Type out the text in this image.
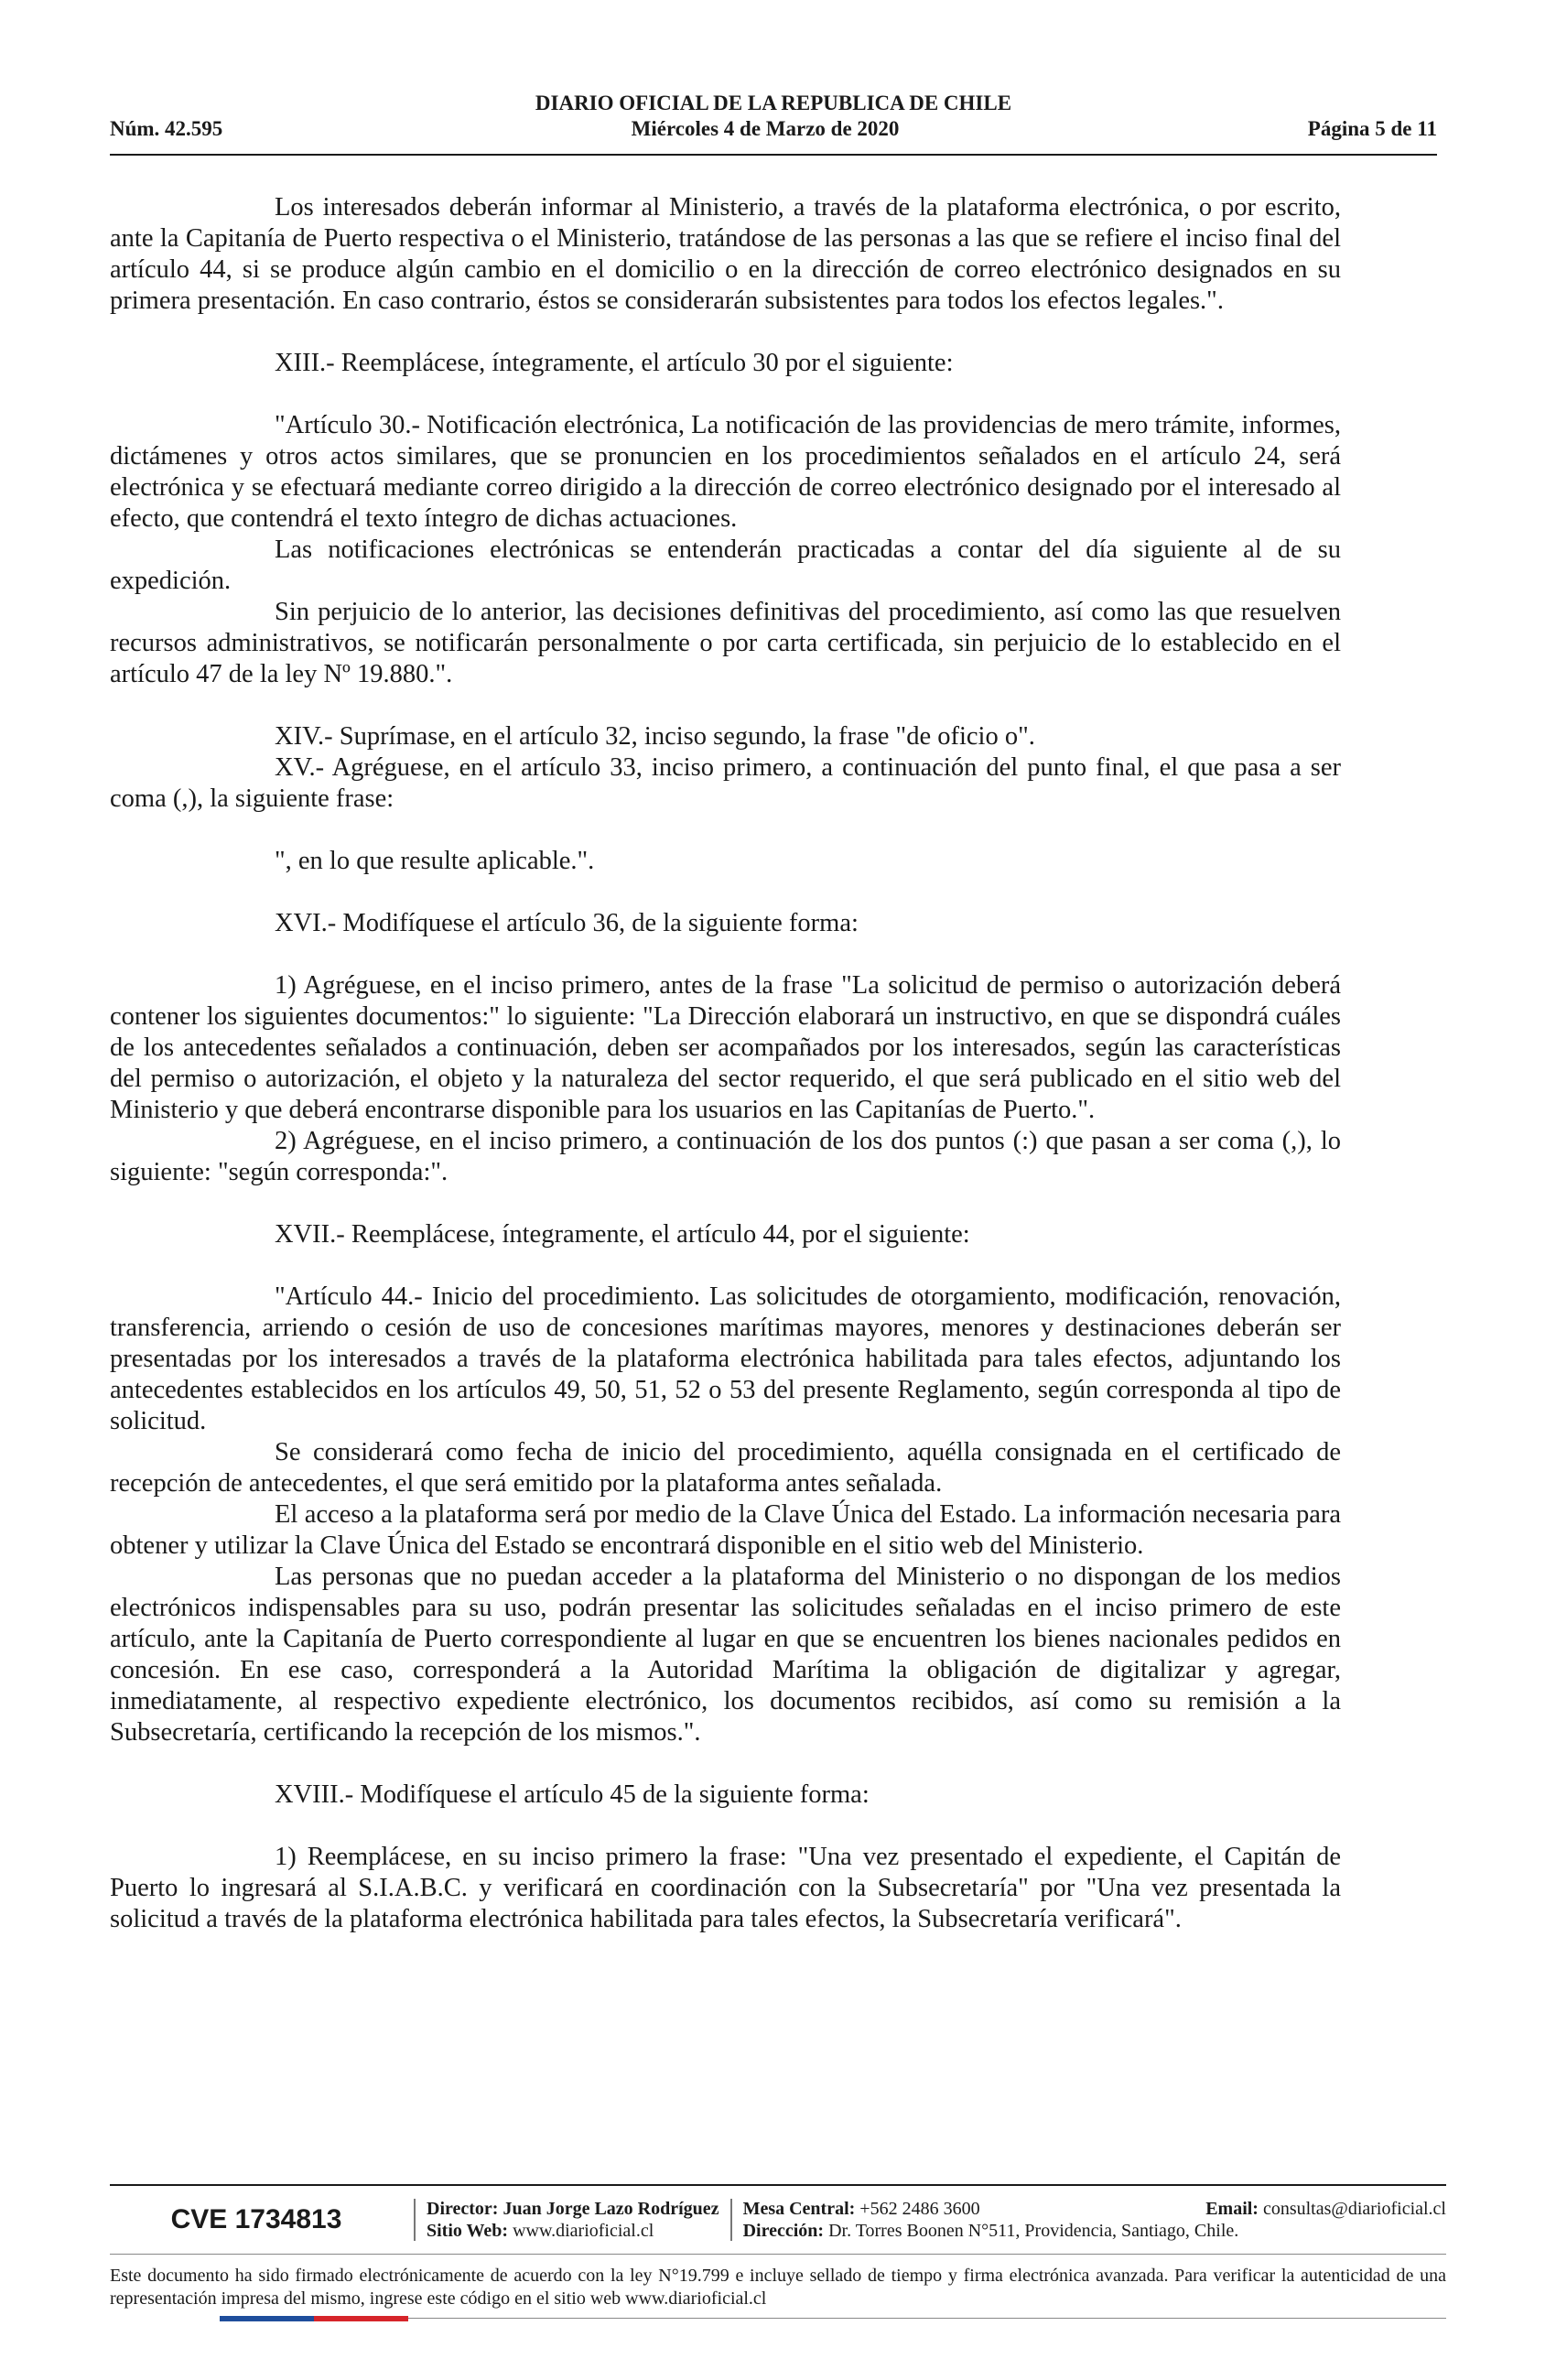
DIARIO OFICIAL DE LA REPUBLICA DE CHILE
Núm. 42.595	Miércoles 4 de Marzo de 2020	Página 5 de 11

Los interesados deberán informar al Ministerio, a través de la plataforma electrónica, o por escrito, ante la Capitanía de Puerto respectiva o el Ministerio, tratándose de las personas a las que se refiere el inciso final del artículo 44, si se produce algún cambio en el domicilio o en la dirección de correo electrónico designados en su primera presentación. En caso contrario, éstos se considerarán subsistentes para todos los efectos legales.".

XIII.- Reemplácese, íntegramente, el artículo 30 por el siguiente:

"Artículo 30.- Notificación electrónica, La notificación de las providencias de mero trámite, informes, dictámenes y otros actos similares, que se pronuncien en los procedimientos señalados en el artículo 24, será electrónica y se efectuará mediante correo dirigido a la dirección de correo electrónico designado por el interesado al efecto, que contendrá el texto íntegro de dichas actuaciones.

Las notificaciones electrónicas se entenderán practicadas a contar del día siguiente al de su expedición.

Sin perjuicio de lo anterior, las decisiones definitivas del procedimiento, así como las que resuelven recursos administrativos, se notificarán personalmente o por carta certificada, sin perjuicio de lo establecido en el artículo 47 de la ley Nº 19.880.".

XIV.- Suprímase, en el artículo 32, inciso segundo, la frase "de oficio o".

XV.- Agréguese, en el artículo 33, inciso primero, a continuación del punto final, el que pasa a ser coma (,), la siguiente frase:

", en lo que resulte aplicable.".

XVI.- Modifíquese el artículo 36, de la siguiente forma:

1) Agréguese, en el inciso primero, antes de la frase "La solicitud de permiso o autorización deberá contener los siguientes documentos:" lo siguiente: "La Dirección elaborará un instructivo, en que se dispondrá cuáles de los antecedentes señalados a continuación, deben ser acompañados por los interesados, según las características del permiso o autorización, el objeto y la naturaleza del sector requerido, el que será publicado en el sitio web del Ministerio y que deberá encontrarse disponible para los usuarios en las Capitanías de Puerto.".

2) Agréguese, en el inciso primero, a continuación de los dos puntos (:) que pasan a ser coma (,), lo siguiente: "según corresponda:".

XVII.- Reemplácese, íntegramente, el artículo 44, por el siguiente:

"Artículo 44.- Inicio del procedimiento. Las solicitudes de otorgamiento, modificación, renovación, transferencia, arriendo o cesión de uso de concesiones marítimas mayores, menores y destinaciones deberán ser presentadas por los interesados a través de la plataforma electrónica habilitada para tales efectos, adjuntando los antecedentes establecidos en los artículos 49, 50, 51, 52 o 53 del presente Reglamento, según corresponda al tipo de solicitud.

Se considerará como fecha de inicio del procedimiento, aquélla consignada en el certificado de recepción de antecedentes, el que será emitido por la plataforma antes señalada.

El acceso a la plataforma será por medio de la Clave Única del Estado. La información necesaria para obtener y utilizar la Clave Única del Estado se encontrará disponible en el sitio web del Ministerio.

Las personas que no puedan acceder a la plataforma del Ministerio o no dispongan de los medios electrónicos indispensables para su uso, podrán presentar las solicitudes señaladas en el inciso primero de este artículo, ante la Capitanía de Puerto correspondiente al lugar en que se encuentren los bienes nacionales pedidos en concesión. En ese caso, corresponderá a la Autoridad Marítima la obligación de digitalizar y agregar, inmediatamente, al respectivo expediente electrónico, los documentos recibidos, así como su remisión a la Subsecretaría, certificando la recepción de los mismos.".

XVIII.- Modifíquese el artículo 45 de la siguiente forma:

1) Reemplácese, en su inciso primero la frase: "Una vez presentado el expediente, el Capitán de Puerto lo ingresará al S.I.A.B.C. y verificará en coordinación con la Subsecretaría" por "Una vez presentada la solicitud a través de la plataforma electrónica habilitada para tales efectos, la Subsecretaría verificará".

CVE 1734813	Director: Juan Jorge Lazo Rodríguez
Sitio Web: www.diarioficial.cl
Mesa Central: +562 2486 3600	Email: consultas@diarioficial.cl
Dirección: Dr. Torres Boonen N°511, Providencia, Santiago, Chile.
Este documento ha sido firmado electrónicamente de acuerdo con la ley N°19.799 e incluye sellado de tiempo y firma electrónica avanzada. Para verificar la autenticidad de una representación impresa del mismo, ingrese este código en el sitio web www.diarioficial.cl
